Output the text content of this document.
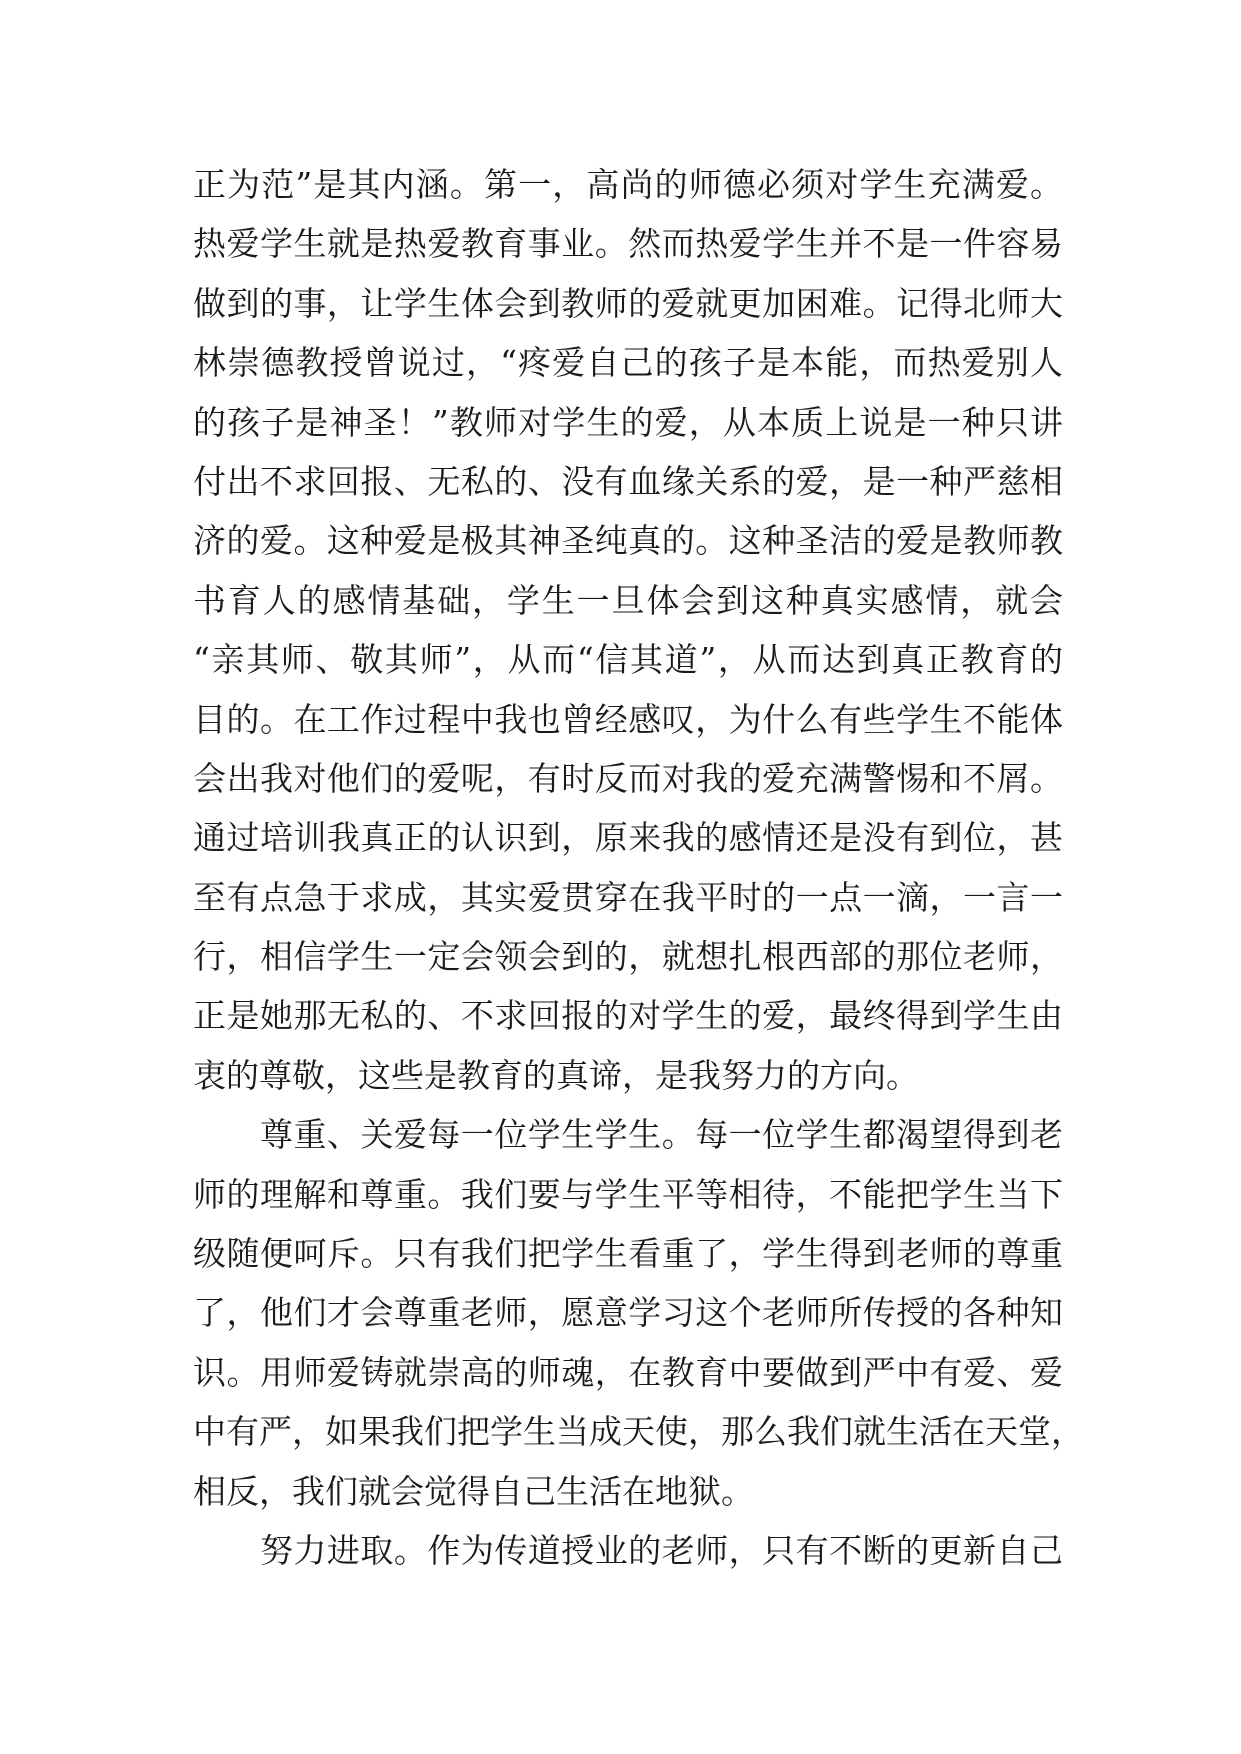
正为范”是其内涵。第一，高尚的师德必须对学生充满爱。
热爱学生就是热爱教育事业。然而热爱学生并不是一件容易
做到的事，让学生体会到教师的爱就更加困难。记得北师大
林崇德教授曾说过，“疼爱自己的孩子是本能，而热爱别人
的孩子是神圣！”教师对学生的爱，从本质上说是一种只讲
付出不求回报、无私的、没有血缘关系的爱，是一种严慈相
济的爱。这种爱是极其神圣纯真的。这种圣洁的爱是教师教
书育人的感情基础，学生一旦体会到这种真实感情，就会
“亲其师、敬其师”，从而“信其道”，从而达到真正教育的
目的。在工作过程中我也曾经感叹，为什么有些学生不能体
会出我对他们的爱呢，有时反而对我的爱充满警惕和不屑。
通过培训我真正的认识到，原来我的感情还是没有到位，甚
至有点急于求成，其实爱贯穿在我平时的一点一滴，一言一
行，相信学生一定会领会到的，就想扎根西部的那位老师，
正是她那无私的、不求回报的对学生的爱，最终得到学生由
衷的尊敬，这些是教育的真谛，是我努力的方向。
　　尊重、关爱每一位学生学生。每一位学生都渴望得到老
师的理解和尊重。我们要与学生平等相待，不能把学生当下
级随便呵斥。只有我们把学生看重了，学生得到老师的尊重
了，他们才会尊重老师，愿意学习这个老师所传授的各种知
识。用师爱铸就崇高的师魂，在教育中要做到严中有爱、爱
中有严，如果我们把学生当成天使，那么我们就生活在天堂，
相反，我们就会觉得自己生活在地狱。
　　努力进取。作为传道授业的老师，只有不断的更新自己
